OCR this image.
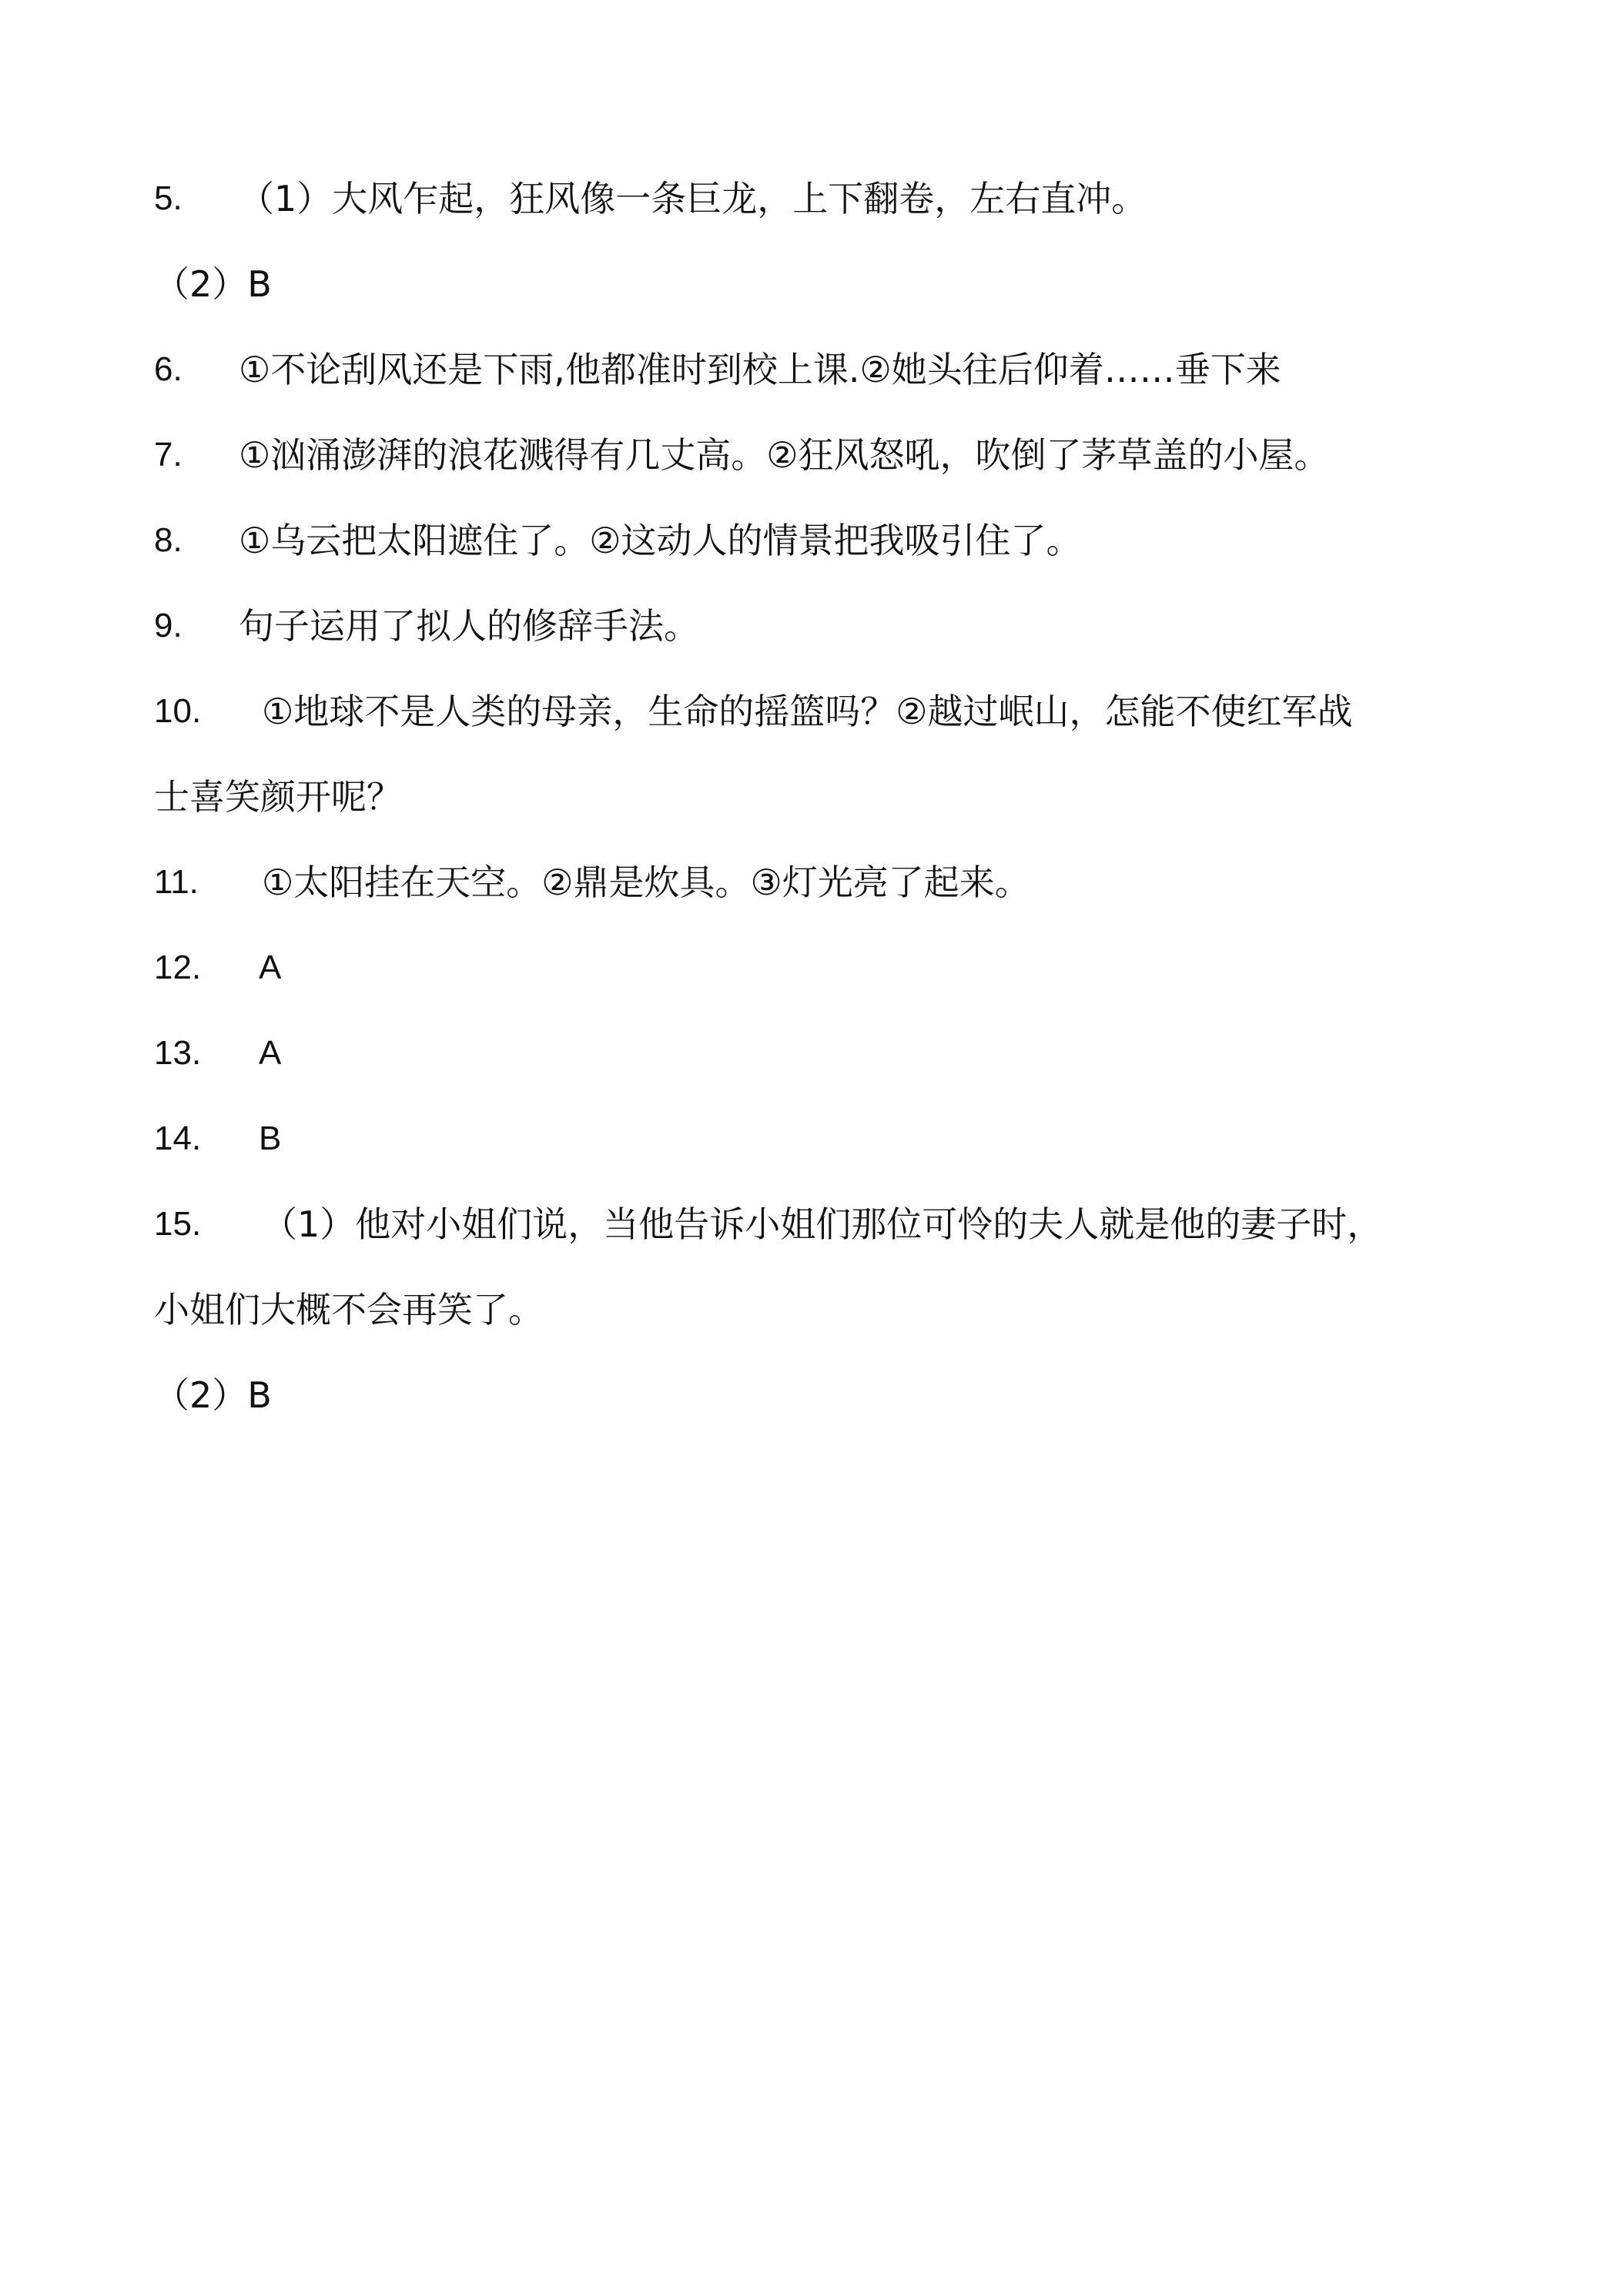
5. （1）大风乍起，狂风像一条巨龙，上下翻卷，左右直冲。
（2）B
6. ①不论刮风还是下雨,他都准时到校上课.②她头往后仰着……垂下来
7. ①汹涌澎湃的浪花溅得有几丈高。②狂风怒吼，吹倒了茅草盖的小屋。
8. ①乌云把太阳遮住了。②这动人的情景把我吸引住了。
9. 句子运用了拟人的修辞手法。
10. ①地球不是人类的母亲，生命的摇篮吗？②越过岷山，怎能不使红军战
士喜笑颜开呢？
11. ①太阳挂在天空。②鼎是炊具。③灯光亮了起来。
12. A
13. A
14. B
15. （1）他对小姐们说，当他告诉小姐们那位可怜的夫人就是他的妻子时，
小姐们大概不会再笑了。
（2）B
